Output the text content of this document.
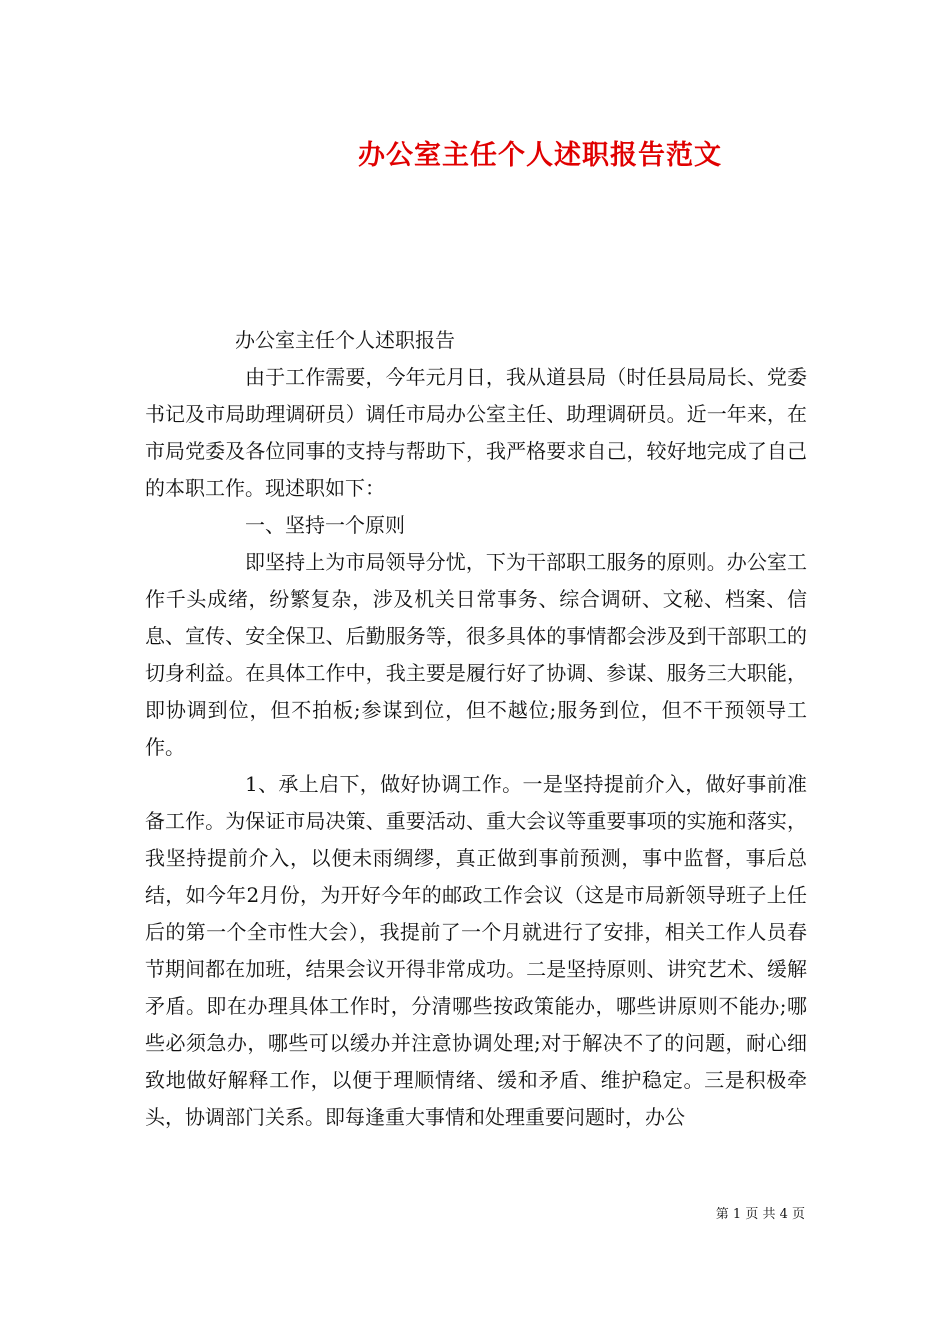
办公室主任个人述职报告范文

办公室主任个人述职报告

由于工作需要，今年元月日，我从道县局（时任县局局长、党委书记及市局助理调研员）调任市局办公室主任、助理调研员。近一年来，在市局党委及各位同事的支持与帮助下，我严格要求自己，较好地完成了自己的本职工作。现述职如下：

一、坚持一个原则

即坚持上为市局领导分忧，下为干部职工服务的原则。办公室工作千头成绪，纷繁复杂，涉及机关日常事务、综合调研、文秘、档案、信息、宣传、安全保卫、后勤服务等，很多具体的事情都会涉及到干部职工的切身利益。在具体工作中，我主要是履行好了协调、参谋、服务三大职能，即协调到位，但不拍板;参谋到位，但不越位;服务到位，但不干预领导工作。

1、承上启下，做好协调工作。一是坚持提前介入，做好事前准备工作。为保证市局决策、重要活动、重大会议等重要事项的实施和落实，我坚持提前介入，以便未雨绸缪，真正做到事前预测，事中监督，事后总结，如今年2月份，为开好今年的邮政工作会议（这是市局新领导班子上任后的第一个全市性大会），我提前了一个月就进行了安排，相关工作人员春节期间都在加班，结果会议开得非常成功。二是坚持原则、讲究艺术、缓解矛盾。即在办理具体工作时，分清哪些按政策能办，哪些讲原则不能办;哪些必须急办，哪些可以缓办并注意协调处理;对于解决不了的问题，耐心细致地做好解释工作，以便于理顺情绪、缓和矛盾、维护稳定。三是积极牵头，协调部门关系。即每逢重大事情和处理重要问题时，办公

第 1 页 共 4 页
